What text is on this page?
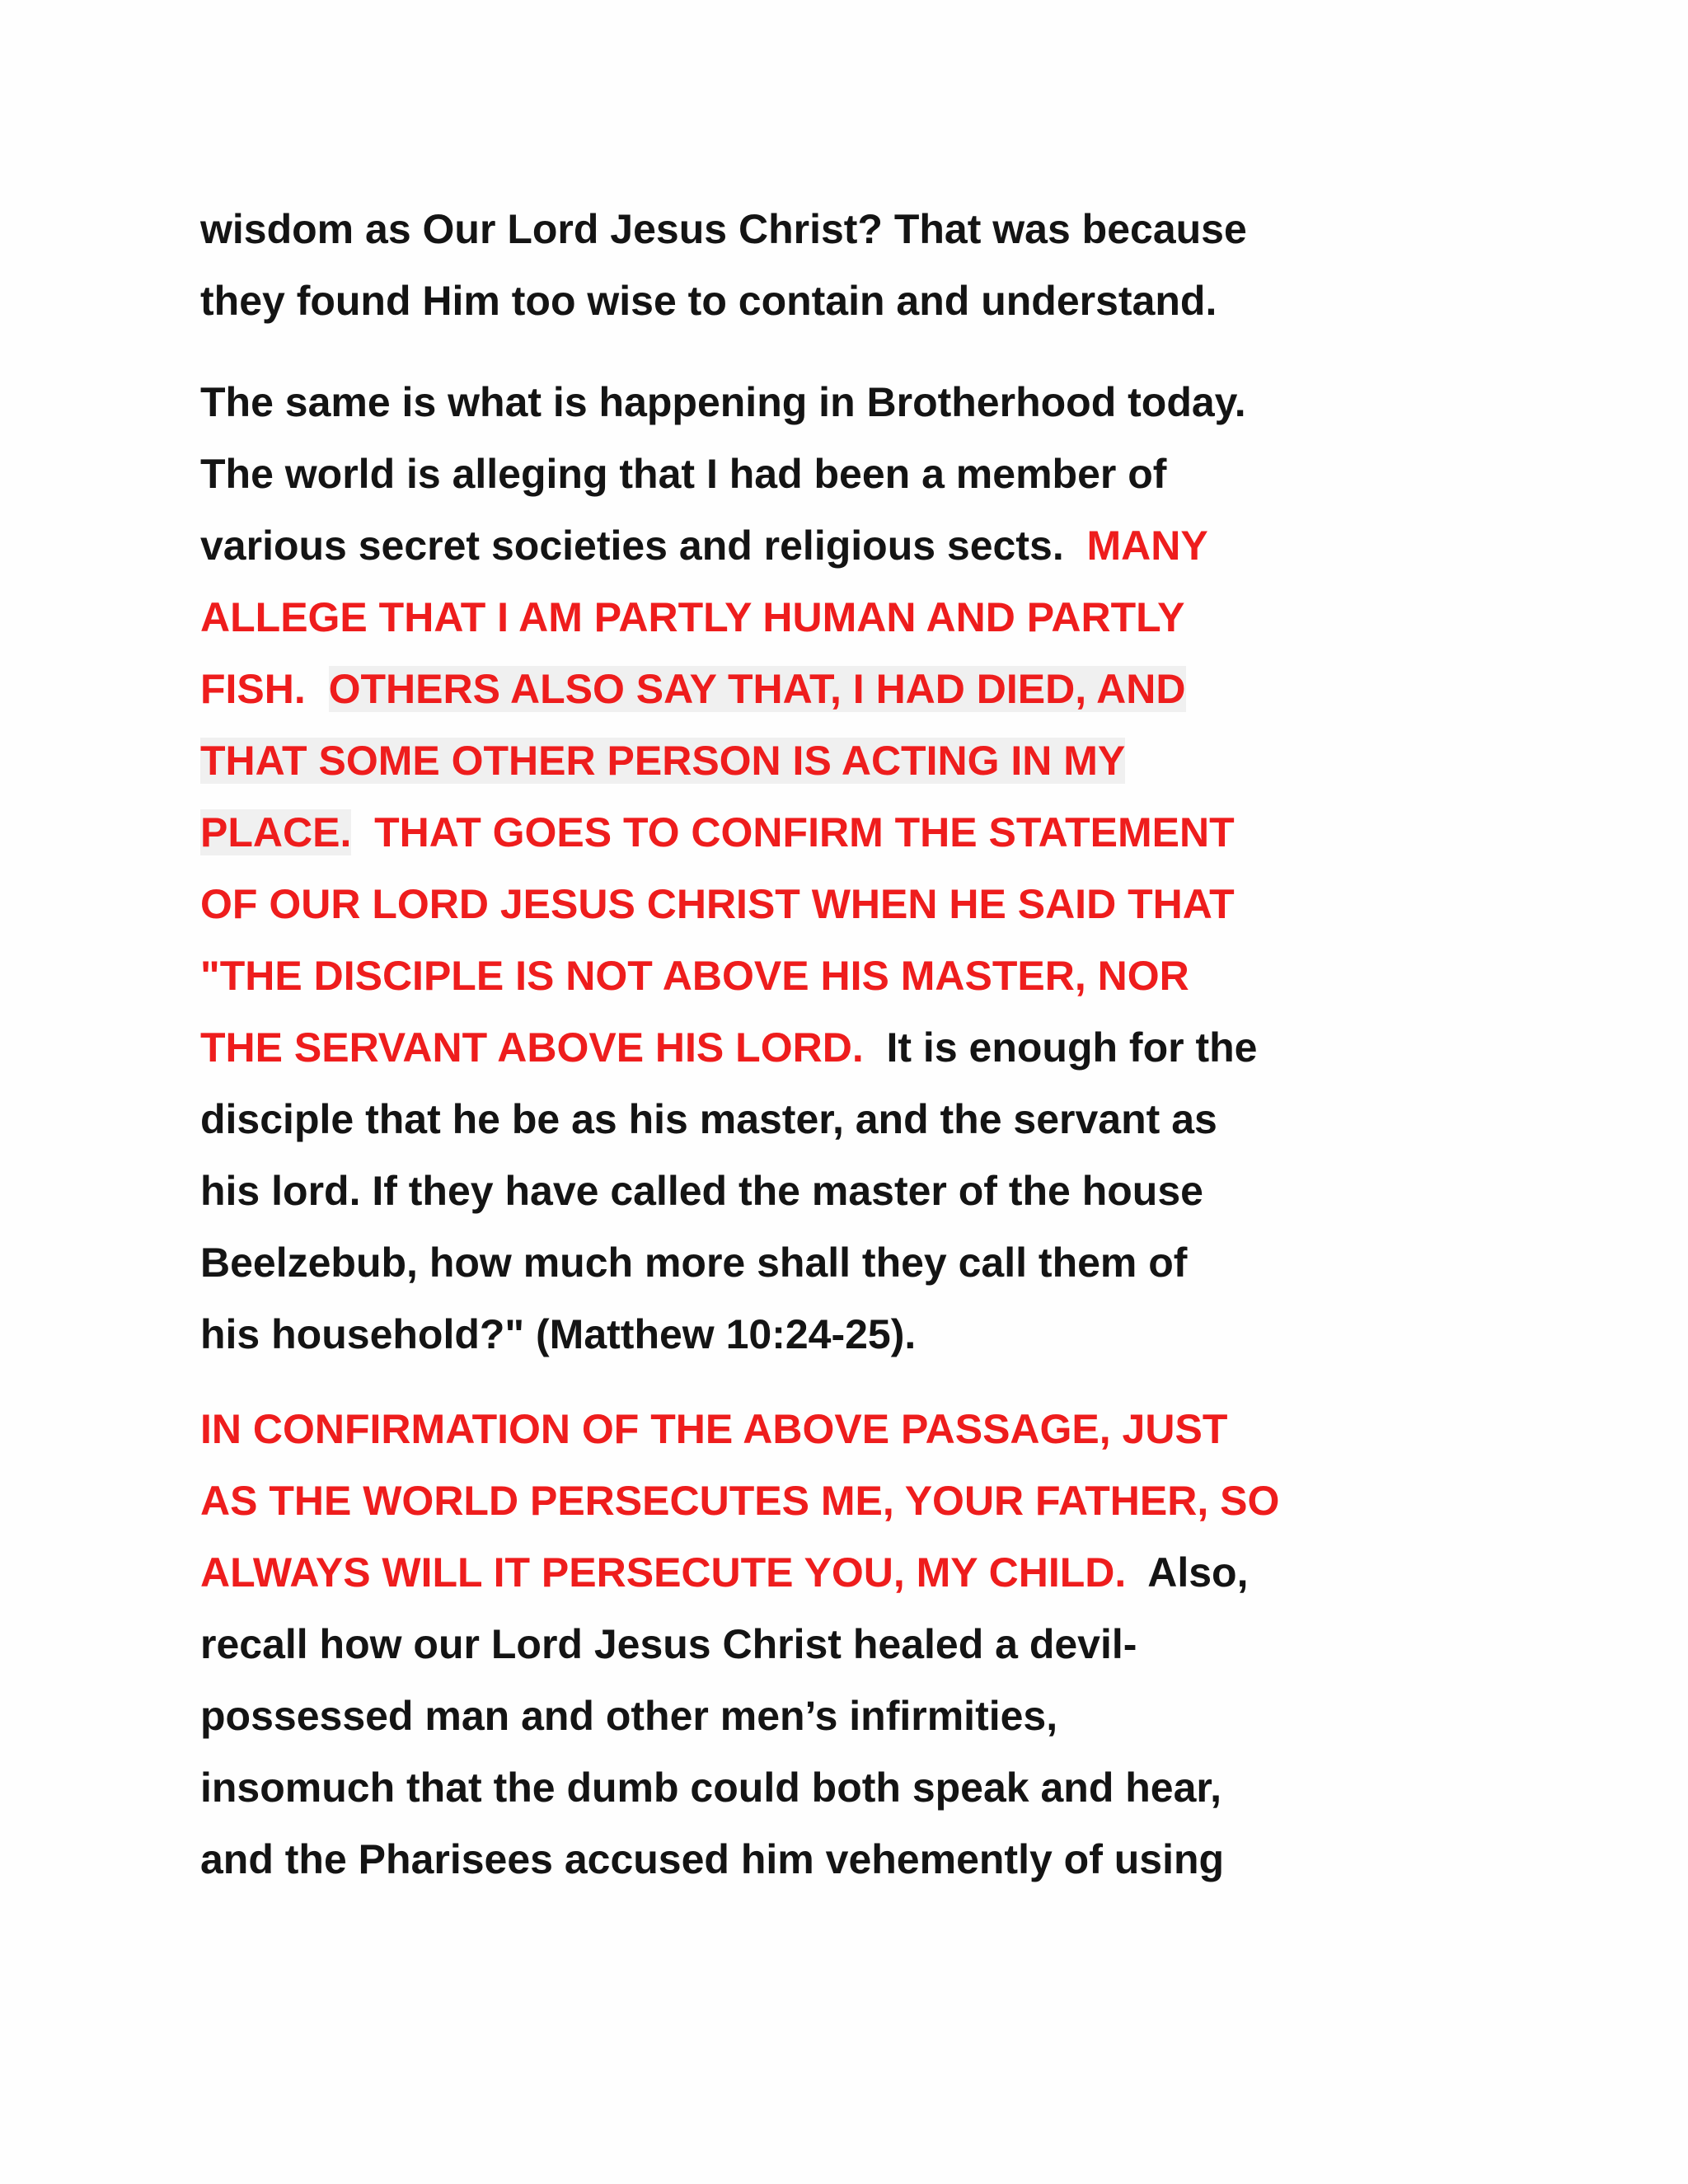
wisdom as Our Lord Jesus Christ? That was because
they found Him too wise to contain and understand.
The same is what is happening in Brotherhood today.
The world is alleging that I had been a member of
various secret societies and religious sects.  MANY
ALLEGE THAT I AM PARTLY HUMAN AND PARTLY
FISH.  OTHERS ALSO SAY THAT, I HAD DIED, AND
THAT SOME OTHER PERSON IS ACTING IN MY
PLACE.  THAT GOES TO CONFIRM THE STATEMENT
OF OUR LORD JESUS CHRIST WHEN HE SAID THAT
"THE DISCIPLE IS NOT ABOVE HIS MASTER, NOR
THE SERVANT ABOVE HIS LORD.  It is enough for the
disciple that he be as his master, and the servant as
his lord. If they have called the master of the house
Beelzebub, how much more shall they call them of
his household?" (Matthew 10:24-25).
IN CONFIRMATION OF THE ABOVE PASSAGE, JUST
AS THE WORLD PERSECUTES ME, YOUR FATHER, SO
ALWAYS WILL IT PERSECUTE YOU, MY CHILD.  Also,
recall how our Lord Jesus Christ healed a devil-
possessed man and other men’s infirmities,
insomuch that the dumb could both speak and hear,
and the Pharisees accused him vehemently of using
